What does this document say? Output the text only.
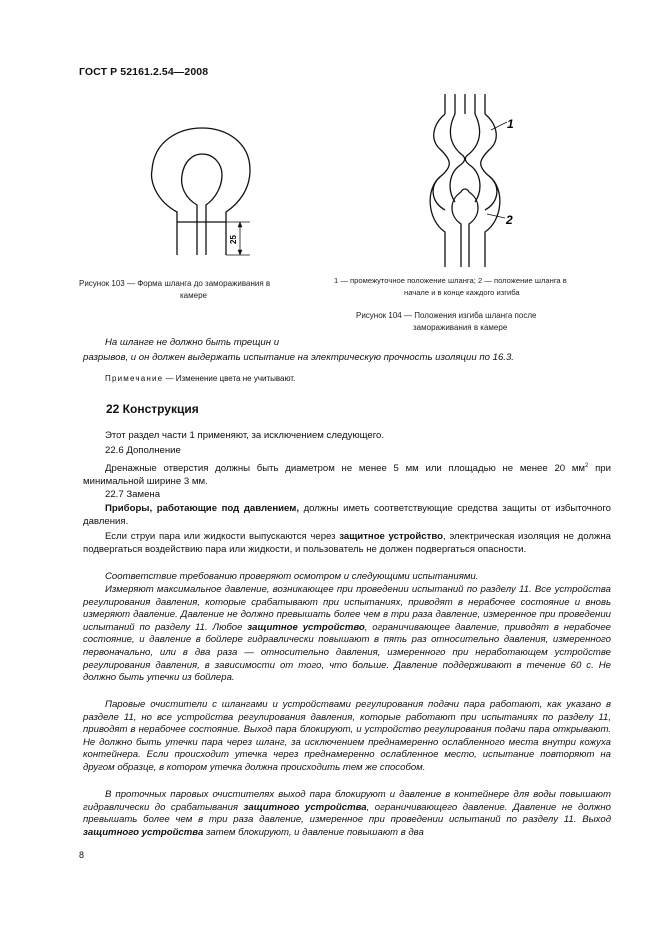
ГОСТ Р 52161.2.54—2008
25
Рисунок 103 — Форма шланга до замораживания в
камере
1
2
1 — промежуточное положение шланга; 2 — положение шланга в
начале и в конце каждого изгиба
Рисунок 104 — Положения изгиба шланга после
замораживания в камере
На шланге не должно быть трещин и
разрывов, и он должен выдержать испытание на электрическую прочность изоляции по 16.3.
Примечание — Изменение цвета не учитывают.
22 Конструкция
Этот раздел части 1 применяют, за исключением следующего.
22.6 Дополнение
Дренажные отверстия должны быть диаметром не менее 5 мм или площадью не менее 20 $мм^2$ при минимальной ширине 3 мм.
22.7 Замена
Приборы, работающие под давлением, должны иметь соответствующие средства защиты от избыточного давления.
Если струи пара или жидкости выпускаются через защитное устройство, электрическая изоляция не должна подвергаться воздействию пара или жидкости, и пользователь не должен подвергаться опасности.
Соответствие требованию проверяют осмотром и следующими испытаниями.
Измеряют максимальное давление, возникающее при проведении испытаний по разделу 11. Все устройства регулирования давления, которые срабатывают при испытаниях, приводят в нерабочее состояние и вновь измеряют давление. Давление не должно превышать более чем в три раза давление, измеренное при проведении испытаний по разделу 11. Любое защитное устройство, ограничивающее давление, приводят в нерабочее состояние, и давление в бойлере гидравлически повышают в пять раз относительно давления, измеренного первоначально, или в два раза — относительно давления, измеренного при неработающем устройстве регулирования давления, в зависимости от того, что больше. Давление поддерживают в течение 60 с. Не должно быть утечки из бойлера.
Паровые очистители с шлангами и устройствами регулирования подачи пара работают, как указано в разделе 11, но все устройства регулирования давления, которые работают при испытаниях по разделу 11, приводят в нерабочее состояние. Выход пара блокируют, и устройство регулирования подачи пара открывают. Не должно быть утечки пара через шланг, за исключением преднамеренно ослабленного места внутри кожуха контейнера. Если происходит утечка через преднамеренно ослабленное место, испытание повторяют на другом образце, в котором утечка должна происходить тем же способом.
В проточных паровых очистителях выход пара блокируют и давление в контейнере для воды повышают гидравлически до срабатывания защитного устройства, ограничивающего давление. Давление не должно превышать более чем в три раза давление, измеренное при проведении испытаний по разделу 11. Выход защитного устройства затем блокируют, и давление повышают в два
8
